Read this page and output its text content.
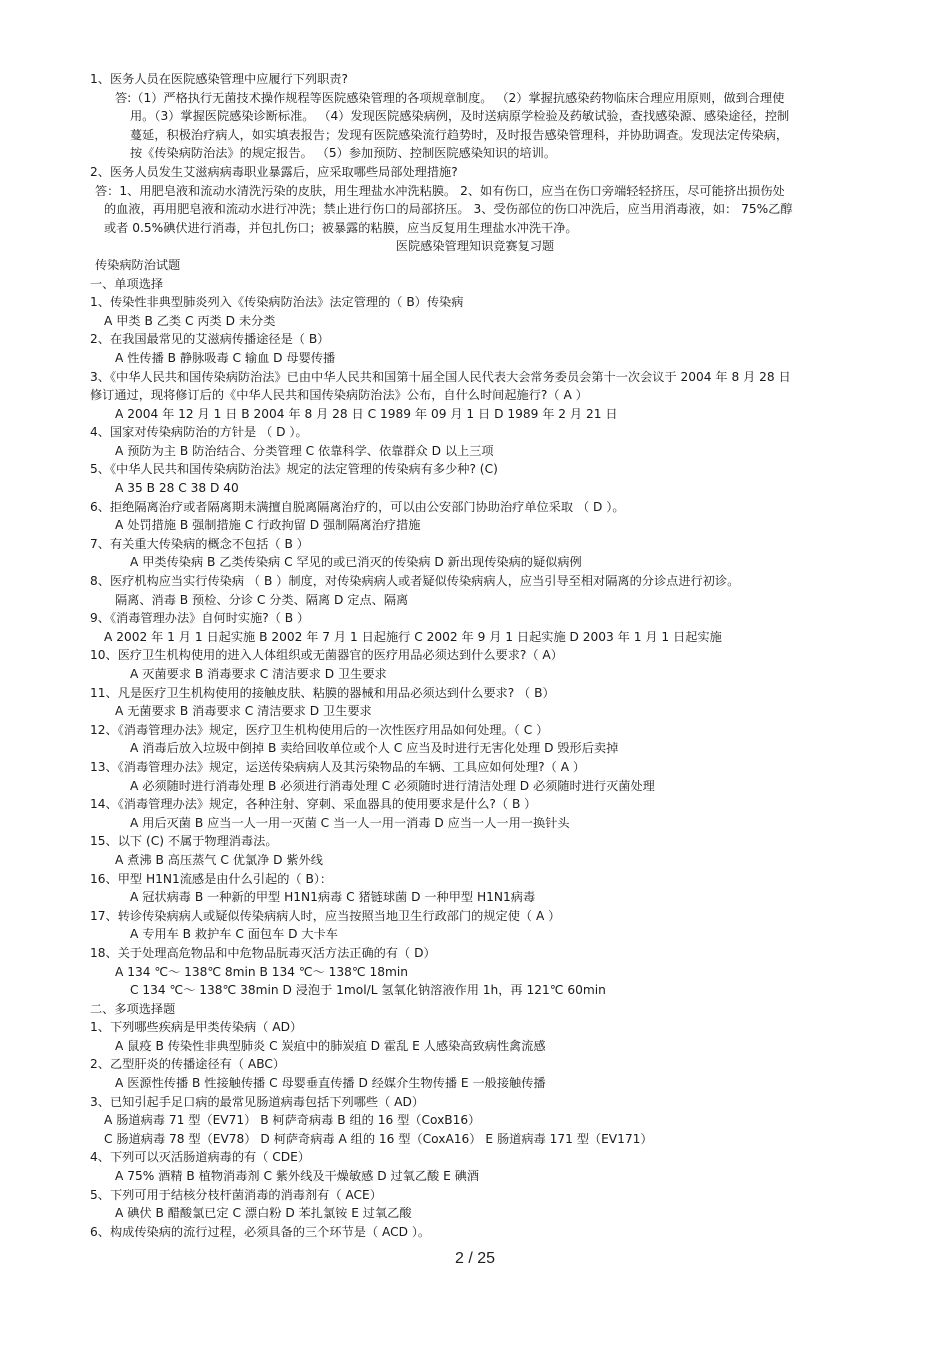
1、医务人员在医院感染管理中应履行下列职责?
答:（1）严格执行无菌技术操作规程等医院感染管理的各项规章制度。 （2）掌握抗感染药物临床合理应用原则，做到合理使
用。（3）掌握医院感染诊断标准。 （4）发现医院感染病例，及时送病原学检验及药敏试验，查找感染源、感染途径，控制
蔓延，积极治疗病人，如实填表报告；发现有医院感染流行趋势时，及时报告感染管理科，并协助调查。发现法定传染病，
按《传染病防治法》的规定报告。 （5）参加预防、控制医院感染知识的培训。
2、医务人员发生艾滋病病毒职业暴露后，应采取哪些局部处理措施?
答：1、用肥皂液和流动水清洗污染的皮肤，用生理盐水冲洗粘膜。 2、如有伤口，应当在伤口旁端轻轻挤压，尽可能挤出损伤处
的血液，再用肥皂液和流动水进行冲洗；禁止进行伤口的局部挤压。 3、受伤部位的伤口冲洗后，应当用消毒液，如： 75%乙醇
或者 0.5%碘伏进行消毒，并包扎伤口；被暴露的粘膜，应当反复用生理盐水冲洗干净。
医院感染管理知识竞赛复习题
传染病防治试题
一、单项选择
1、传染性非典型肺炎列入《传染病防治法》法定管理的（ B）传染病
A 甲类 B 乙类 C 丙类 D 未分类
2、在我国最常见的艾滋病传播途径是（ B）
A 性传播 B 静脉吸毒 C 输血 D 母婴传播
3、《中华人民共和国传染病防治法》已由中华人民共和国第十届全国人民代表大会常务委员会第十一次会议于 2004 年 8 月 28 日
修订通过，现将修订后的《中华人民共和国传染病防治法》公布，自什么时间起施行?（ A ）
A 2004 年 12 月 1 日 B 2004 年 8 月 28 日 C 1989 年 09 月 1 日 D 1989 年 2 月 21 日
4、国家对传染病防治的方针是 （ D ）。
A 预防为主 B 防治结合、分类管理 C 依靠科学、依靠群众 D 以上三项
5、《中华人民共和国传染病防治法》规定的法定管理的传染病有多少种? (C)
A 35 B 28 C 38 D 40
6、拒绝隔离治疗或者隔离期未满擅自脱离隔离治疗的，可以由公安部门协助治疗单位采取 （ D ）。
A 处罚措施 B 强制措施 C 行政拘留 D 强制隔离治疗措施
7、有关重大传染病的概念不包括（ B ）
A 甲类传染病 B 乙类传染病 C 罕见的或已消灭的传染病 D 新出现传染病的疑似病例
8、医疗机构应当实行传染病 （ B ）制度，对传染病病人或者疑似传染病病人，应当引导至相对隔离的分诊点进行初诊。
隔离、消毒 B 预检、分诊 C 分类、隔离 D 定点、隔离
9、《消毒管理办法》自何时实施?（ B ）
A 2002 年 1 月 1 日起实施 B 2002 年 7 月 1 日起施行 C 2002 年 9 月 1 日起实施 D 2003 年 1 月 1 日起实施
10、医疗卫生机构使用的进入人体组织或无菌器官的医疗用品必须达到什么要求?（ A）
A 灭菌要求 B 消毒要求 C 清洁要求 D 卫生要求
11、凡是医疗卫生机构使用的接触皮肤、粘膜的器械和用品必须达到什么要求? （ B）
A 无菌要求 B 消毒要求 C 清洁要求 D 卫生要求
12、《消毒管理办法》规定，医疗卫生机构使用后的一次性医疗用品如何处理。（ C ）
A 消毒后放入垃圾中倒掉 B 卖给回收单位或个人 C 应当及时进行无害化处理 D 毁形后卖掉
13、《消毒管理办法》规定，运送传染病病人及其污染物品的车辆、工具应如何处理?（ A ）
A 必须随时进行消毒处理 B 必须进行消毒处理 C 必须随时进行清洁处理 D 必须随时进行灭菌处理
14、《消毒管理办法》规定，各种注射、穿刺、采血器具的使用要求是什么?（ B ）
A 用后灭菌 B 应当一人一用一灭菌 C 当一人一用一消毒 D 应当一人一用一换针头
15、以下 (C) 不属于物理消毒法。
A 煮沸 B 高压蒸气 C 优氯净 D 紫外线
16、甲型 H1N1流感是由什么引起的（ B）：
A 冠状病毒 B 一种新的甲型 H1N1病毒 C 猪链球菌 D 一种甲型 H1N1病毒
17、转诊传染病病人或疑似传染病病人时，应当按照当地卫生行政部门的规定使（ A ）
A 专用车 B 救护车 C 面包车 D 大卡车
18、关于处理高危物品和中危物品朊毒灭活方法正确的有（ D）
A 134 ℃～ 138℃ 8min B 134 ℃～ 138℃ 18min
C 134 ℃～ 138℃ 38min D 浸泡于 1mol/L 氢氧化钠溶液作用 1h，再 121℃ 60min
二、多项选择题
1、下列哪些疾病是甲类传染病（ AD）
A 鼠疫 B 传染性非典型肺炎 C 炭疽中的肺炭疽 D 霍乱 E 人感染高致病性禽流感
2、乙型肝炎的传播途径有（ ABC）
A 医源性传播 B 性接触传播 C 母婴垂直传播 D 经媒介生物传播 E 一般接触传播
3、已知引起手足口病的最常见肠道病毒包括下列哪些（ AD）
A 肠道病毒 71 型（EV71） B 柯萨奇病毒 B 组的 16 型（CoxB16）
C 肠道病毒 78 型（EV78） D 柯萨奇病毒 A 组的 16 型（CoxA16） E 肠道病毒 171 型（EV171）
4、下列可以灭活肠道病毒的有（ CDE）
A 75% 酒精 B 植物消毒剂 C 紫外线及干燥敏感 D 过氧乙酸 E 碘酒
5、下列可用于结核分枝杆菌消毒的消毒剂有（ ACE）
A 碘伏 B 醋酸氯已定 C 漂白粉 D 苯扎氯铵 E 过氧乙酸
6、构成传染病的流行过程，必须具备的三个环节是（ ACD ）。
2 / 25
